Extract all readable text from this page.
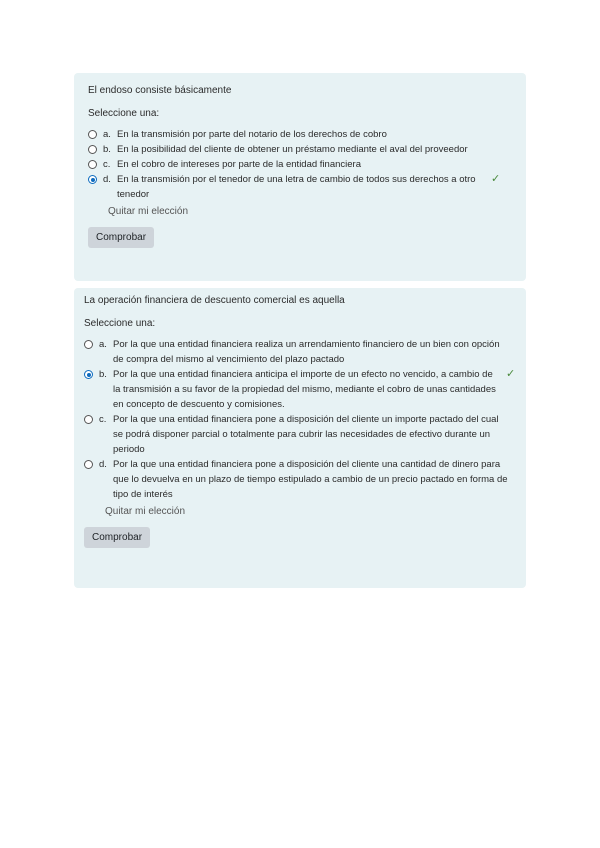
El endoso consiste básicamente
Seleccione una:
a. En la transmisión por parte del notario de los derechos de cobro
b. En la posibilidad del cliente de obtener un préstamo mediante el aval del proveedor
c. En el cobro de intereses por parte de la entidad financiera
d. En la transmisión por el tenedor de una letra de cambio de todos sus derechos a otro tenedor
✓
Quitar mi elección
Comprobar
La operación financiera de descuento comercial es aquella
Seleccione una:
a. Por la que una entidad financiera realiza un arrendamiento financiero de un bien con opción de compra del mismo al vencimiento del plazo pactado
b. Por la que una entidad financiera anticipa el importe de un efecto no vencido, a cambio de la transmisión a su favor de la propiedad del mismo, mediante el cobro de unas cantidades en concepto de descuento y comisiones.
✓
c. Por la que una entidad financiera pone a disposición del cliente un importe pactado del cual se podrá disponer parcial o totalmente para cubrir las necesidades de efectivo durante un periodo
d. Por la que una entidad financiera pone a disposición del cliente una cantidad de dinero para que lo devuelva en un plazo de tiempo estipulado a cambio de un precio pactado en forma de tipo de interés
Quitar mi elección
Comprobar
